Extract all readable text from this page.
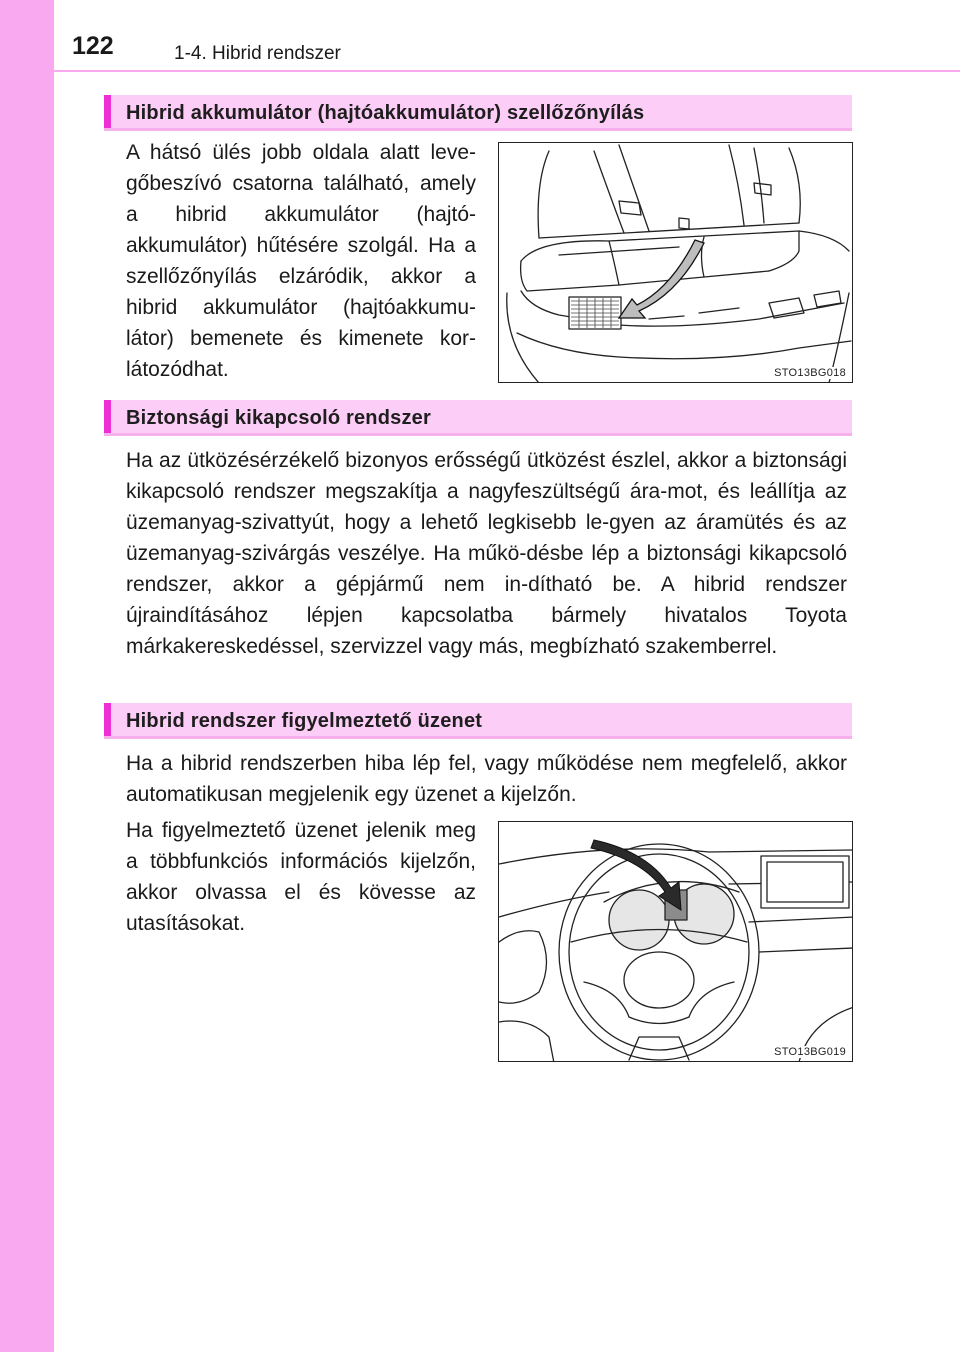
122	1-4. Hibrid rendszer
Hibrid akkumulátor (hajtóakkumulátor) szellőzőnyílás
A hátsó ülés jobb oldala alatt leve-gőbeszívó csatorna található, amely a hibrid akkumulátor (hajtó-akkumulátor) hűtésére szolgál. Ha a szellőzőnyílás elzáródik, akkor a hibrid akkumulátor (hajtóakkumu-látor) bemenete és kimenete kor-látozódhat.	STO13BG018
Biztonsági kikapcsoló rendszer
Ha az ütközésérzékelő bizonyos erősségű ütközést észlel, akkor a biztonsági kikapcsoló rendszer megszakítja a nagyfeszültségű ára-mot, és leállítja az üzemanyag-szivattyút, hogy a lehető legkisebb le-gyen az áramütés és az üzemanyag-szivárgás veszélye. Ha műkö-désbe lép a biztonsági kikapcsoló rendszer, akkor a gépjármű nem in-dítható be. A hibrid rendszer újraindításához lépjen kapcsolatba bármely hivatalos Toyota márkakereskedéssel, szervizzel vagy más, megbízható szakemberrel.
Hibrid rendszer figyelmeztető üzenet
Ha a hibrid rendszerben hiba lép fel, vagy működése nem megfelelő, akkor automatikusan megjelenik egy üzenet a kijelzőn.
Ha figyelmeztető üzenet jelenik meg a többfunkciós információs kijelzőn, akkor olvassa el és kövesse az utasításokat.
STO13BG019
